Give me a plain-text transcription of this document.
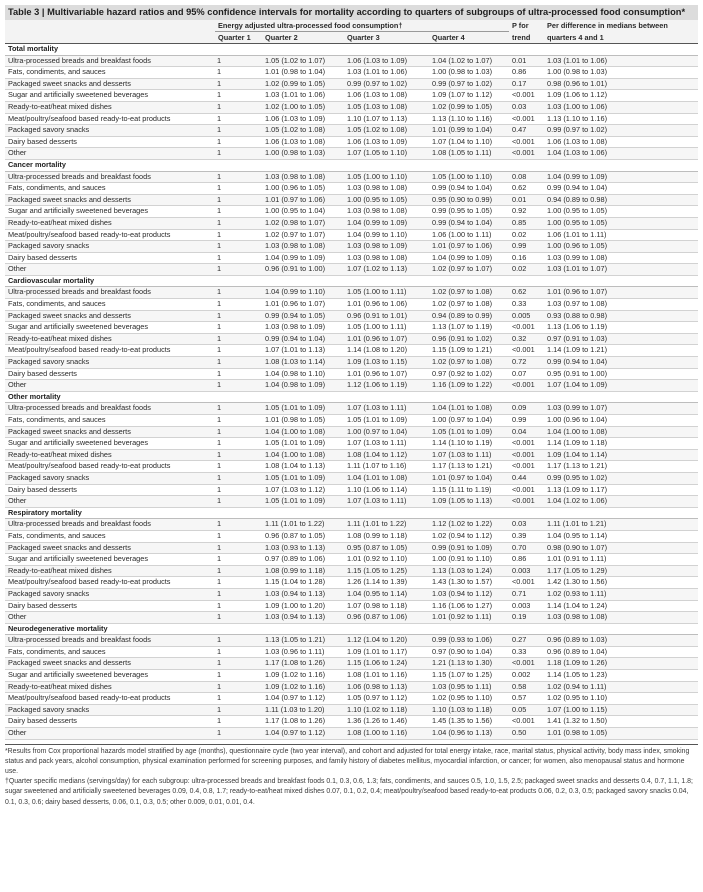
Table 3 | Multivariable hazard ratios and 95% confidence intervals for mortality according to quarters of subgroups of ultra-processed food consumption*
	Energy adjusted ultra-processed food consumption†				P for	Per difference in medians between
	Quarter 1	Quarter 2	Quarter 3	Quarter 4	trend	quarters 4 and 1
Total mortality						
Ultra-processed breads and breakfast foods	1	1.05 (1.02 to 1.07)	1.06 (1.03 to 1.09)	1.04 (1.02 to 1.07)	0.01	1.03 (1.01 to 1.06)
Fats, condiments, and sauces	1	1.01 (0.98 to 1.04)	1.03 (1.01 to 1.06)	1.00 (0.98 to 1.03)	0.86	1.00 (0.98 to 1.03)
Packaged sweet snacks and desserts	1	1.02 (0.99 to 1.05)	0.99 (0.97 to 1.02)	0.99 (0.97 to 1.02)	0.17	0.98 (0.96 to 1.01)
Sugar and artificially sweetened beverages	1	1.03 (1.01 to 1.06)	1.06 (1.03 to 1.08)	1.09 (1.07 to 1.12)	<0.001	1.09 (1.06 to 1.12)
Ready-to-eat/heat mixed dishes	1	1.02 (1.00 to 1.05)	1.05 (1.03 to 1.08)	1.02 (0.99 to 1.05)	0.03	1.03 (1.00 to 1.06)
Meat/poultry/seafood based ready-to-eat products	1	1.06 (1.03 to 1.09)	1.10 (1.07 to 1.13)	1.13 (1.10 to 1.16)	<0.001	1.13 (1.10 to 1.16)
Packaged savory snacks	1	1.05 (1.02 to 1.08)	1.05 (1.02 to 1.08)	1.01 (0.99 to 1.04)	0.47	0.99 (0.97 to 1.02)
Dairy based desserts	1	1.06 (1.03 to 1.08)	1.06 (1.03 to 1.09)	1.07 (1.04 to 1.10)	<0.001	1.06 (1.03 to 1.08)
Other	1	1.00 (0.98 to 1.03)	1.07 (1.05 to 1.10)	1.08 (1.05 to 1.11)	<0.001	1.04 (1.03 to 1.06)
Cancer mortality						
Ultra-processed breads and breakfast foods	1	1.03 (0.98 to 1.08)	1.05 (1.00 to 1.10)	1.05 (1.00 to 1.10)	0.08	1.04 (0.99 to 1.09)
Fats, condiments, and sauces	1	1.00 (0.96 to 1.05)	1.03 (0.98 to 1.08)	0.99 (0.94 to 1.04)	0.62	0.99 (0.94 to 1.04)
Packaged sweet snacks and desserts	1	1.01 (0.97 to 1.06)	1.00 (0.95 to 1.05)	0.95 (0.90 to 0.99)	0.01	0.94 (0.89 to 0.98)
Sugar and artificially sweetened beverages	1	1.00 (0.95 to 1.04)	1.03 (0.98 to 1.08)	0.99 (0.95 to 1.05)	0.92	1.00 (0.95 to 1.05)
Ready-to-eat/heat mixed dishes	1	1.02 (0.98 to 1.07)	1.04 (0.99 to 1.09)	0.99 (0.94 to 1.04)	0.85	1.00 (0.95 to 1.05)
Meat/poultry/seafood based ready-to-eat products	1	1.02 (0.97 to 1.07)	1.04 (0.99 to 1.10)	1.06 (1.00 to 1.11)	0.02	1.06 (1.01 to 1.11)
Packaged savory snacks	1	1.03 (0.98 to 1.08)	1.03 (0.98 to 1.09)	1.01 (0.97 to 1.06)	0.99	1.00 (0.96 to 1.05)
Dairy based desserts	1	1.04 (0.99 to 1.09)	1.03 (0.98 to 1.08)	1.04 (0.99 to 1.09)	0.16	1.03 (0.99 to 1.08)
Other	1	0.96 (0.91 to 1.00)	1.07 (1.02 to 1.13)	1.02 (0.97 to 1.07)	0.02	1.03 (1.01 to 1.07)
Cardiovascular mortality						
Ultra-processed breads and breakfast foods	1	1.04 (0.99 to 1.10)	1.05 (1.00 to 1.11)	1.02 (0.97 to 1.08)	0.62	1.01 (0.96 to 1.07)
Fats, condiments, and sauces	1	1.01 (0.96 to 1.07)	1.01 (0.96 to 1.06)	1.02 (0.97 to 1.08)	0.33	1.03 (0.97 to 1.08)
Packaged sweet snacks and desserts	1	0.99 (0.94 to 1.05)	0.96 (0.91 to 1.01)	0.94 (0.89 to 0.99)	0.005	0.93 (0.88 to 0.98)
Sugar and artificially sweetened beverages	1	1.03 (0.98 to 1.09)	1.05 (1.00 to 1.11)	1.13 (1.07 to 1.19)	<0.001	1.13 (1.06 to 1.19)
Ready-to-eat/heat mixed dishes	1	0.99 (0.94 to 1.04)	1.01 (0.96 to 1.07)	0.96 (0.91 to 1.02)	0.32	0.97 (0.91 to 1.03)
Meat/poultry/seafood based ready-to-eat products	1	1.07 (1.01 to 1.13)	1.14 (1.08 to 1.20)	1.15 (1.09 to 1.21)	<0.001	1.14 (1.09 to 1.21)
Packaged savory snacks	1	1.08 (1.03 to 1.14)	1.09 (1.03 to 1.15)	1.02 (0.97 to 1.08)	0.72	0.99 (0.94 to 1.04)
Dairy based desserts	1	1.04 (0.98 to 1.10)	1.01 (0.96 to 1.07)	0.97 (0.92 to 1.02)	0.07	0.95 (0.91 to 1.00)
Other	1	1.04 (0.98 to 1.09)	1.12 (1.06 to 1.19)	1.16 (1.09 to 1.22)	<0.001	1.07 (1.04 to 1.09)
Other mortality						
Ultra-processed breads and breakfast foods	1	1.05 (1.01 to 1.09)	1.07 (1.03 to 1.11)	1.04 (1.01 to 1.08)	0.09	1.03 (0.99 to 1.07)
Fats, condiments, and sauces	1	1.01 (0.98 to 1.05)	1.05 (1.01 to 1.09)	1.00 (0.97 to 1.04)	0.99	1.00 (0.96 to 1.04)
Packaged sweet snacks and desserts	1	1.04 (1.00 to 1.08)	1.00 (0.97 to 1.04)	1.05 (1.01 to 1.09)	0.04	1.04 (1.00 to 1.08)
Sugar and artificially sweetened beverages	1	1.05 (1.01 to 1.09)	1.07 (1.03 to 1.11)	1.14 (1.10 to 1.19)	<0.001	1.14 (1.09 to 1.18)
Ready-to-eat/heat mixed dishes	1	1.04 (1.00 to 1.08)	1.08 (1.04 to 1.12)	1.07 (1.03 to 1.11)	<0.001	1.09 (1.04 to 1.14)
Meat/poultry/seafood based ready-to-eat products	1	1.08 (1.04 to 1.13)	1.11 (1.07 to 1.16)	1.17 (1.13 to 1.21)	<0.001	1.17 (1.13 to 1.21)
Packaged savory snacks	1	1.05 (1.01 to 1.09)	1.04 (1.01 to 1.08)	1.01 (0.97 to 1.04)	0.44	0.99 (0.95 to 1.02)
Dairy based desserts	1	1.07 (1.03 to 1.12)	1.10 (1.06 to 1.14)	1.15 (1.11 to 1.19)	<0.001	1.13 (1.09 to 1.17)
Other	1	1.05 (1.01 to 1.09)	1.07 (1.03 to 1.11)	1.09 (1.05 to 1.13)	<0.001	1.04 (1.02 to 1.06)
Respiratory mortality						
Ultra-processed breads and breakfast foods	1	1.11 (1.01 to 1.22)	1.11 (1.01 to 1.22)	1.12 (1.02 to 1.22)	0.03	1.11 (1.01 to 1.21)
Fats, condiments, and sauces	1	0.96 (0.87 to 1.05)	1.08 (0.99 to 1.18)	1.02 (0.94 to 1.12)	0.39	1.04 (0.95 to 1.14)
Packaged sweet snacks and desserts	1	1.03 (0.93 to 1.13)	0.95 (0.87 to 1.05)	0.99 (0.91 to 1.09)	0.70	0.98 (0.90 to 1.07)
Sugar and artificially sweetened beverages	1	0.97 (0.89 to 1.06)	1.01 (0.92 to 1.10)	1.00 (0.91 to 1.10)	0.86	1.01 (0.91 to 1.11)
Ready-to-eat/heat mixed dishes	1	1.08 (0.99 to 1.18)	1.15 (1.05 to 1.25)	1.13 (1.03 to 1.24)	0.003	1.17 (1.05 to 1.29)
Meat/poultry/seafood based ready-to-eat products	1	1.15 (1.04 to 1.28)	1.26 (1.14 to 1.39)	1.43 (1.30 to 1.57)	<0.001	1.42 (1.30 to 1.56)
Packaged savory snacks	1	1.03 (0.94 to 1.13)	1.04 (0.95 to 1.14)	1.03 (0.94 to 1.12)	0.71	1.02 (0.93 to 1.11)
Dairy based desserts	1	1.09 (1.00 to 1.20)	1.07 (0.98 to 1.18)	1.16 (1.06 to 1.27)	0.003	1.14 (1.04 to 1.24)
Other	1	1.03 (0.94 to 1.13)	0.96 (0.87 to 1.06)	1.01 (0.92 to 1.11)	0.19	1.03 (0.98 to 1.08)
Neurodegenerative mortality						
Ultra-processed breads and breakfast foods	1	1.13 (1.05 to 1.21)	1.12 (1.04 to 1.20)	0.99 (0.93 to 1.06)	0.27	0.96 (0.89 to 1.03)
Fats, condiments, and sauces	1	1.03 (0.96 to 1.11)	1.09 (1.01 to 1.17)	0.97 (0.90 to 1.04)	0.33	0.96 (0.89 to 1.04)
Packaged sweet snacks and desserts	1	1.17 (1.08 to 1.26)	1.15 (1.06 to 1.24)	1.21 (1.13 to 1.30)	<0.001	1.18 (1.09 to 1.26)
Sugar and artificially sweetened beverages	1	1.09 (1.02 to 1.16)	1.08 (1.01 to 1.16)	1.15 (1.07 to 1.25)	0.002	1.14 (1.05 to 1.23)
Ready-to-eat/heat mixed dishes	1	1.09 (1.02 to 1.16)	1.06 (0.98 to 1.13)	1.03 (0.95 to 1.11)	0.58	1.02 (0.94 to 1.11)
Meat/poultry/seafood based ready-to-eat products	1	1.04 (0.97 to 1.12)	1.05 (0.97 to 1.12)	1.02 (0.95 to 1.10)	0.57	1.02 (0.95 to 1.10)
Packaged savory snacks	1	1.11 (1.03 to 1.20)	1.10 (1.02 to 1.18)	1.10 (1.03 to 1.18)	0.05	1.07 (1.00 to 1.15)
Dairy based desserts	1	1.17 (1.08 to 1.26)	1.36 (1.26 to 1.46)	1.45 (1.35 to 1.56)	<0.001	1.41 (1.32 to 1.50)
Other	1	1.04 (0.97 to 1.12)	1.08 (1.00 to 1.16)	1.04 (0.96 to 1.13)	0.50	1.01 (0.98 to 1.05)

*Results from Cox proportional hazards model stratified by age (months), questionnaire cycle (two year interval), and cohort and adjusted for total energy intake, race, marital status, physical activity, body mass index, smoking status and pack years, alcohol consumption, physical examination performed for screening purposes, and family history of diabetes mellitus, myocardial infarction, or cancer; for women, also menopausal status and hormone use.

†Quarter specific medians (servings/day) for each subgroup: ultra-processed breads and breakfast foods 0.1, 0.3, 0.6, 1.3; fats, condiments, and sauces 0.5, 1.0, 1.5, 2.5; packaged sweet snacks and desserts 0.4, 0.7, 1.1, 1.8; sugar sweetened and artificially sweetened beverages 0.09, 0.4, 0.8, 1.7; ready-to-eat/heat mixed dishes 0.07, 0.1, 0.2, 0.4; meat/poultry/seafood based ready-to-eat products 0.06, 0.2, 0.3, 0.5; packaged savory snacks 0.04, 0.1, 0.3, 0.6; dairy based desserts, 0.06, 0.1, 0.3, 0.5; other 0.009, 0.01, 0.01, 0.4.
